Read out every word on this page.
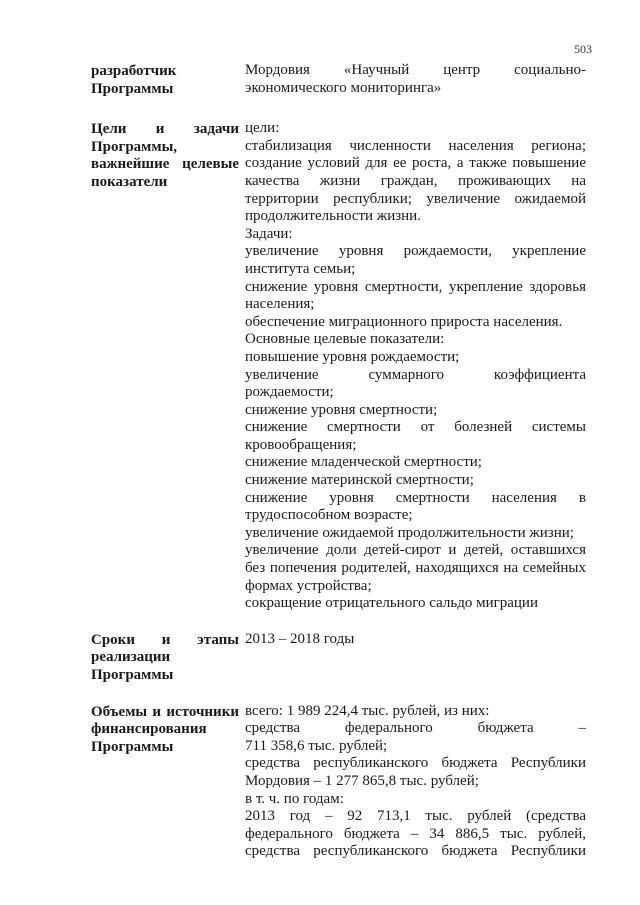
503
разработчик Программы
Мордовия «Научный центр социально-
экономического мониторинга»
Цели и задачи Программы, важнейшие целевые показатели
цели:
стабилизация численности населения региона;
создание условий для ее роста, а также повышение
качества жизни граждан, проживающих на
территории республики; увеличение ожидаемой
продолжительности жизни.
Задачи:
увеличение уровня рождаемости, укрепление
института семьи;
снижение уровня смертности, укрепление здоровья
населения;
обеспечение миграционного прироста населения.
Основные целевые показатели:
повышение уровня рождаемости;
увеличение суммарного коэффициента
рождаемости;
снижение уровня смертности;
снижение смертности от болезней системы
кровообращения;
снижение младенческой смертности;
снижение материнской смертности;
снижение уровня смертности населения в
трудоспособном возрасте;
увеличение ожидаемой продолжительности жизни;
увеличение доли детей-сирот и детей, оставшихся
без попечения родителей, находящихся на семейных
формах устройства;
сокращение отрицательного сальдо миграции
Сроки и этапы реализации Программы
2013 – 2018 годы
Объемы и источники финансирования Программы
всего: 1 989 224,4 тыс. рублей, из них:
средства федерального бюджета –
711 358,6 тыс. рублей;
средства республиканского бюджета Республики
Мордовия – 1 277 865,8 тыс. рублей;
в т. ч. по годам:
2013 год – 92 713,1 тыс. рублей (средства
федерального бюджета – 34 886,5 тыс. рублей,
средства республиканского бюджета Республики
